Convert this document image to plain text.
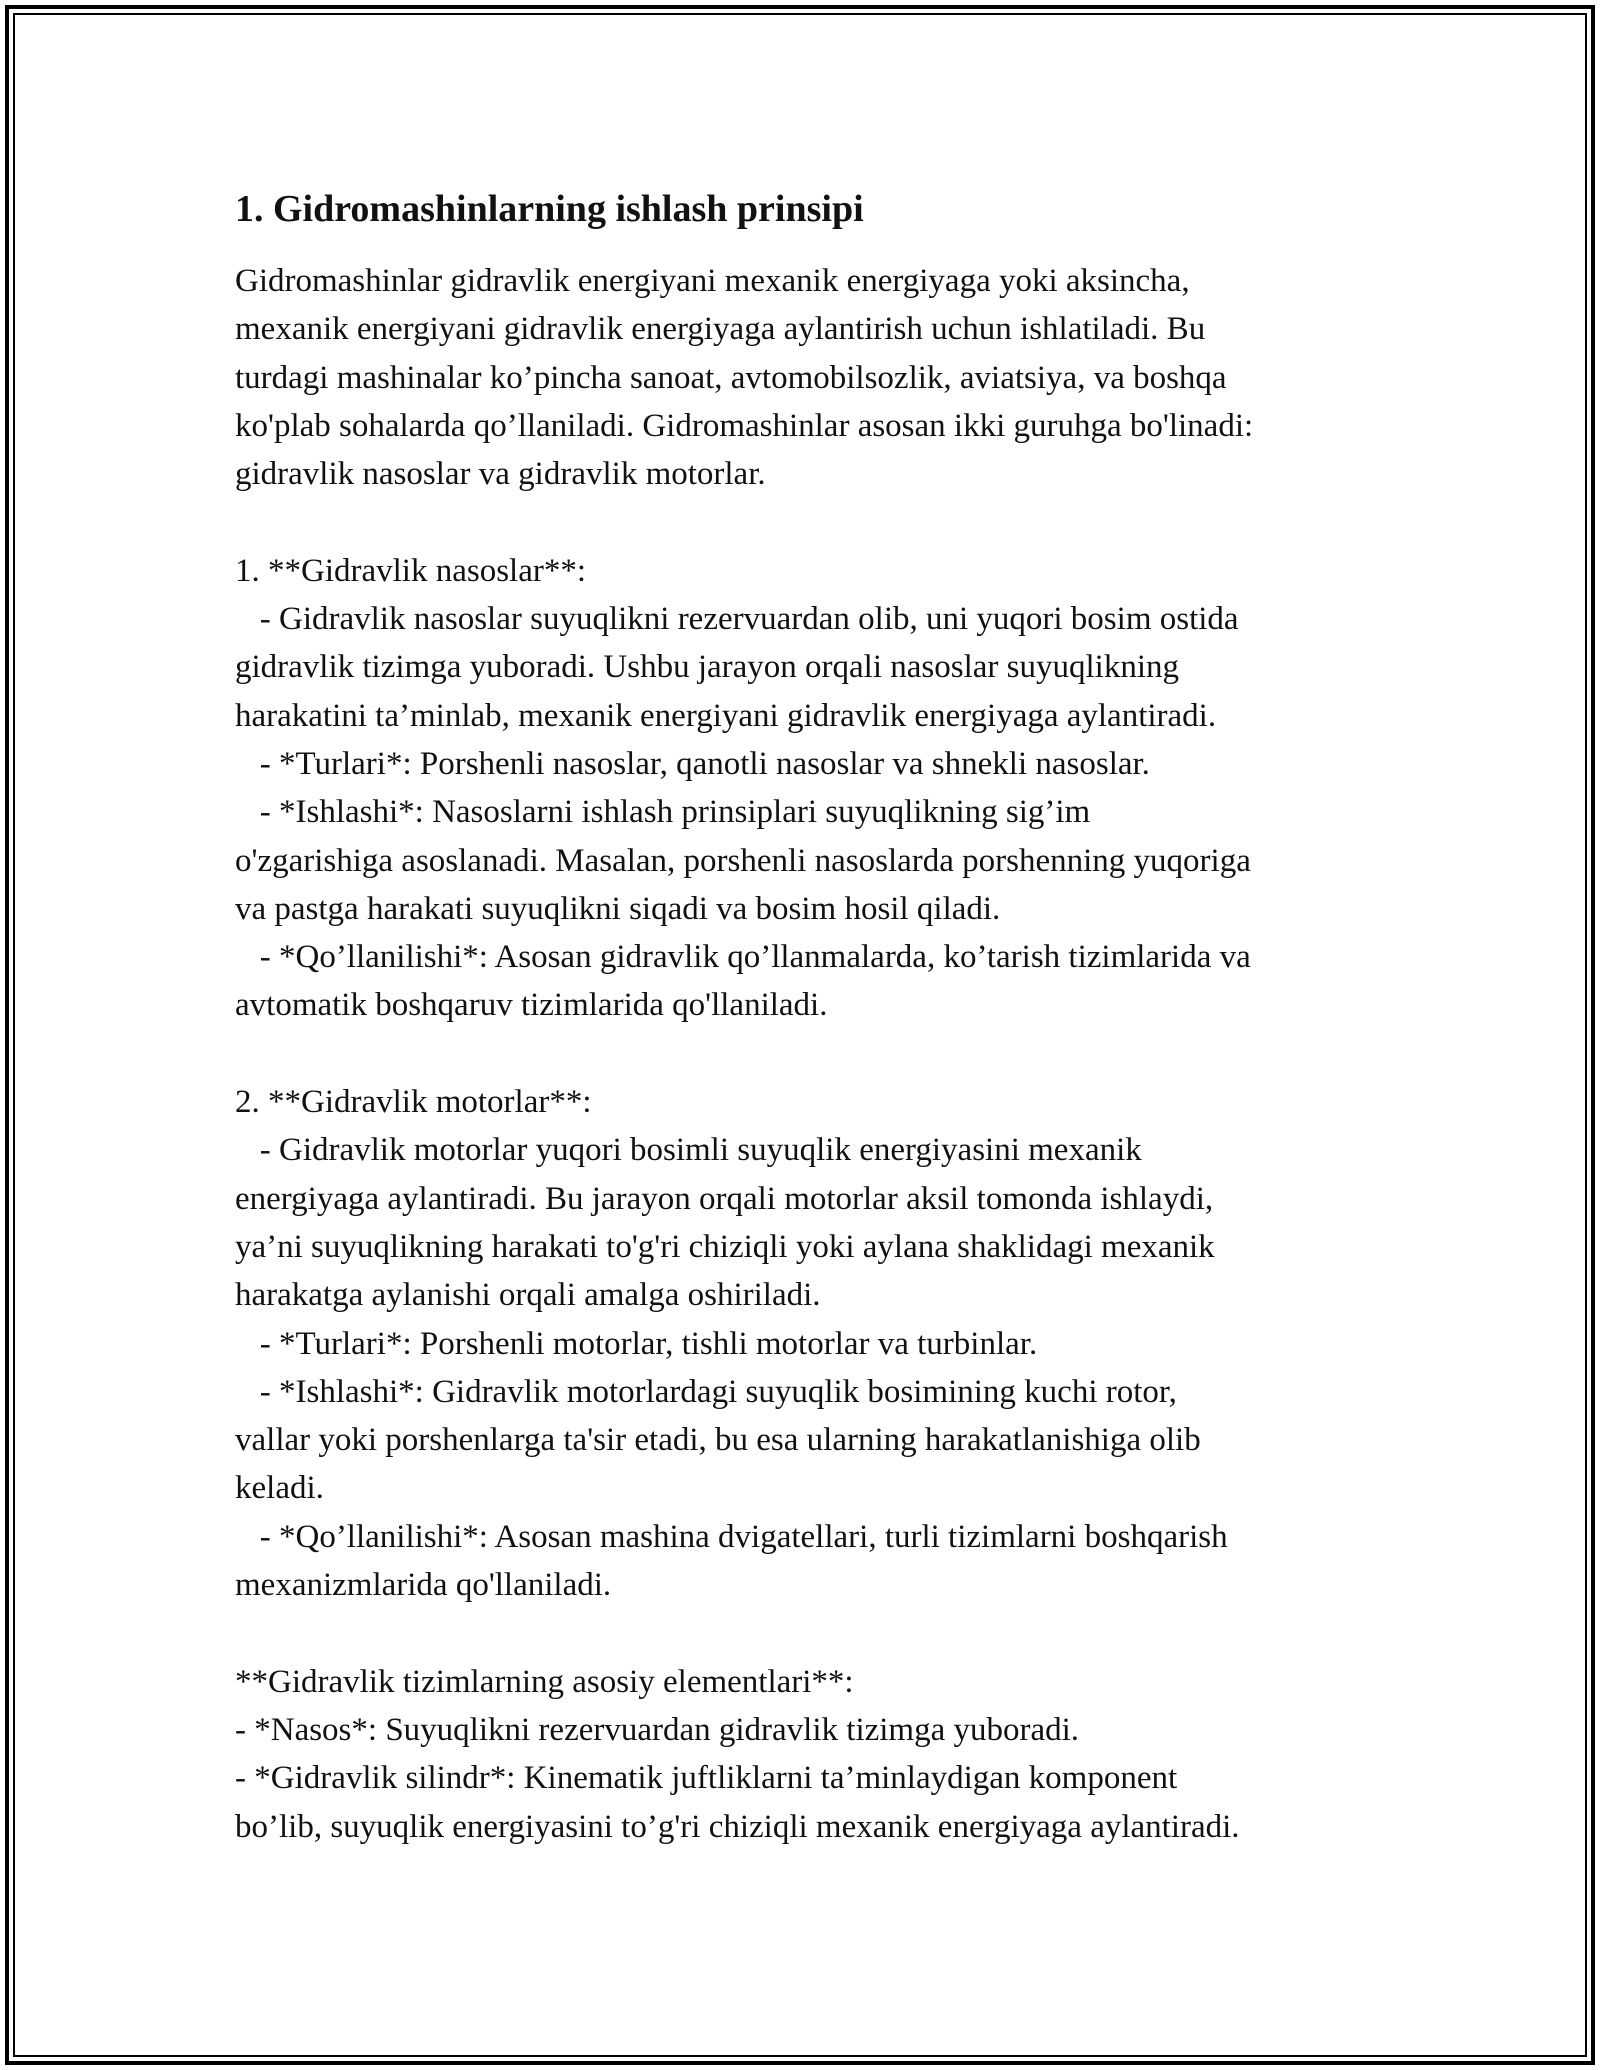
1. Gidromashinlarning ishlash prinsipi
Gidromashinlar gidravlik energiyani mexanik energiyaga yoki aksincha,
mexanik energiyani gidravlik energiyaga aylantirish uchun ishlatiladi. Bu
turdagi mashinalar ko’pincha sanoat, avtomobilsozlik, aviatsiya, va boshqa
ko'plab sohalarda qo’llaniladi. Gidromashinlar asosan ikki guruhga bo'linadi:
gidravlik nasoslar va gidravlik motorlar.

1. **Gidravlik nasoslar**:
- Gidravlik nasoslar suyuqlikni rezervuardan olib, uni yuqori bosim ostida
gidravlik tizimga yuboradi. Ushbu jarayon orqali nasoslar suyuqlikning
harakatini ta’minlab, mexanik energiyani gidravlik energiyaga aylantiradi.
- *Turlari*: Porshenli nasoslar, qanotli nasoslar va shnekli nasoslar.
- *Ishlashi*: Nasoslarni ishlash prinsiplari suyuqlikning sig’im
o'zgarishiga asoslanadi. Masalan, porshenli nasoslarda porshenning yuqoriga
va pastga harakati suyuqlikni siqadi va bosim hosil qiladi.
- *Qo’llanilishi*: Asosan gidravlik qo’llanmalarda, ko’tarish tizimlarida va
avtomatik boshqaruv tizimlarida qo'llaniladi.

2. **Gidravlik motorlar**:
- Gidravlik motorlar yuqori bosimli suyuqlik energiyasini mexanik
energiyaga aylantiradi. Bu jarayon orqali motorlar aksil tomonda ishlaydi,
ya’ni suyuqlikning harakati to'g'ri chiziqli yoki aylana shaklidagi mexanik
harakatga aylanishi orqali amalga oshiriladi.
- *Turlari*: Porshenli motorlar, tishli motorlar va turbinlar.
- *Ishlashi*: Gidravlik motorlardagi suyuqlik bosimining kuchi rotor,
vallar yoki porshenlarga ta'sir etadi, bu esa ularning harakatlanishiga olib
keladi.
- *Qo’llanilishi*: Asosan mashina dvigatellari, turli tizimlarni boshqarish
mexanizmlarida qo'llaniladi.

**Gidravlik tizimlarning asosiy elementlari**:
- *Nasos*: Suyuqlikni rezervuardan gidravlik tizimga yuboradi.
- *Gidravlik silindr*: Kinematik juftliklarni ta’minlaydigan komponent
bo’lib, suyuqlik energiyasini to’g'ri chiziqli mexanik energiyaga aylantiradi.
